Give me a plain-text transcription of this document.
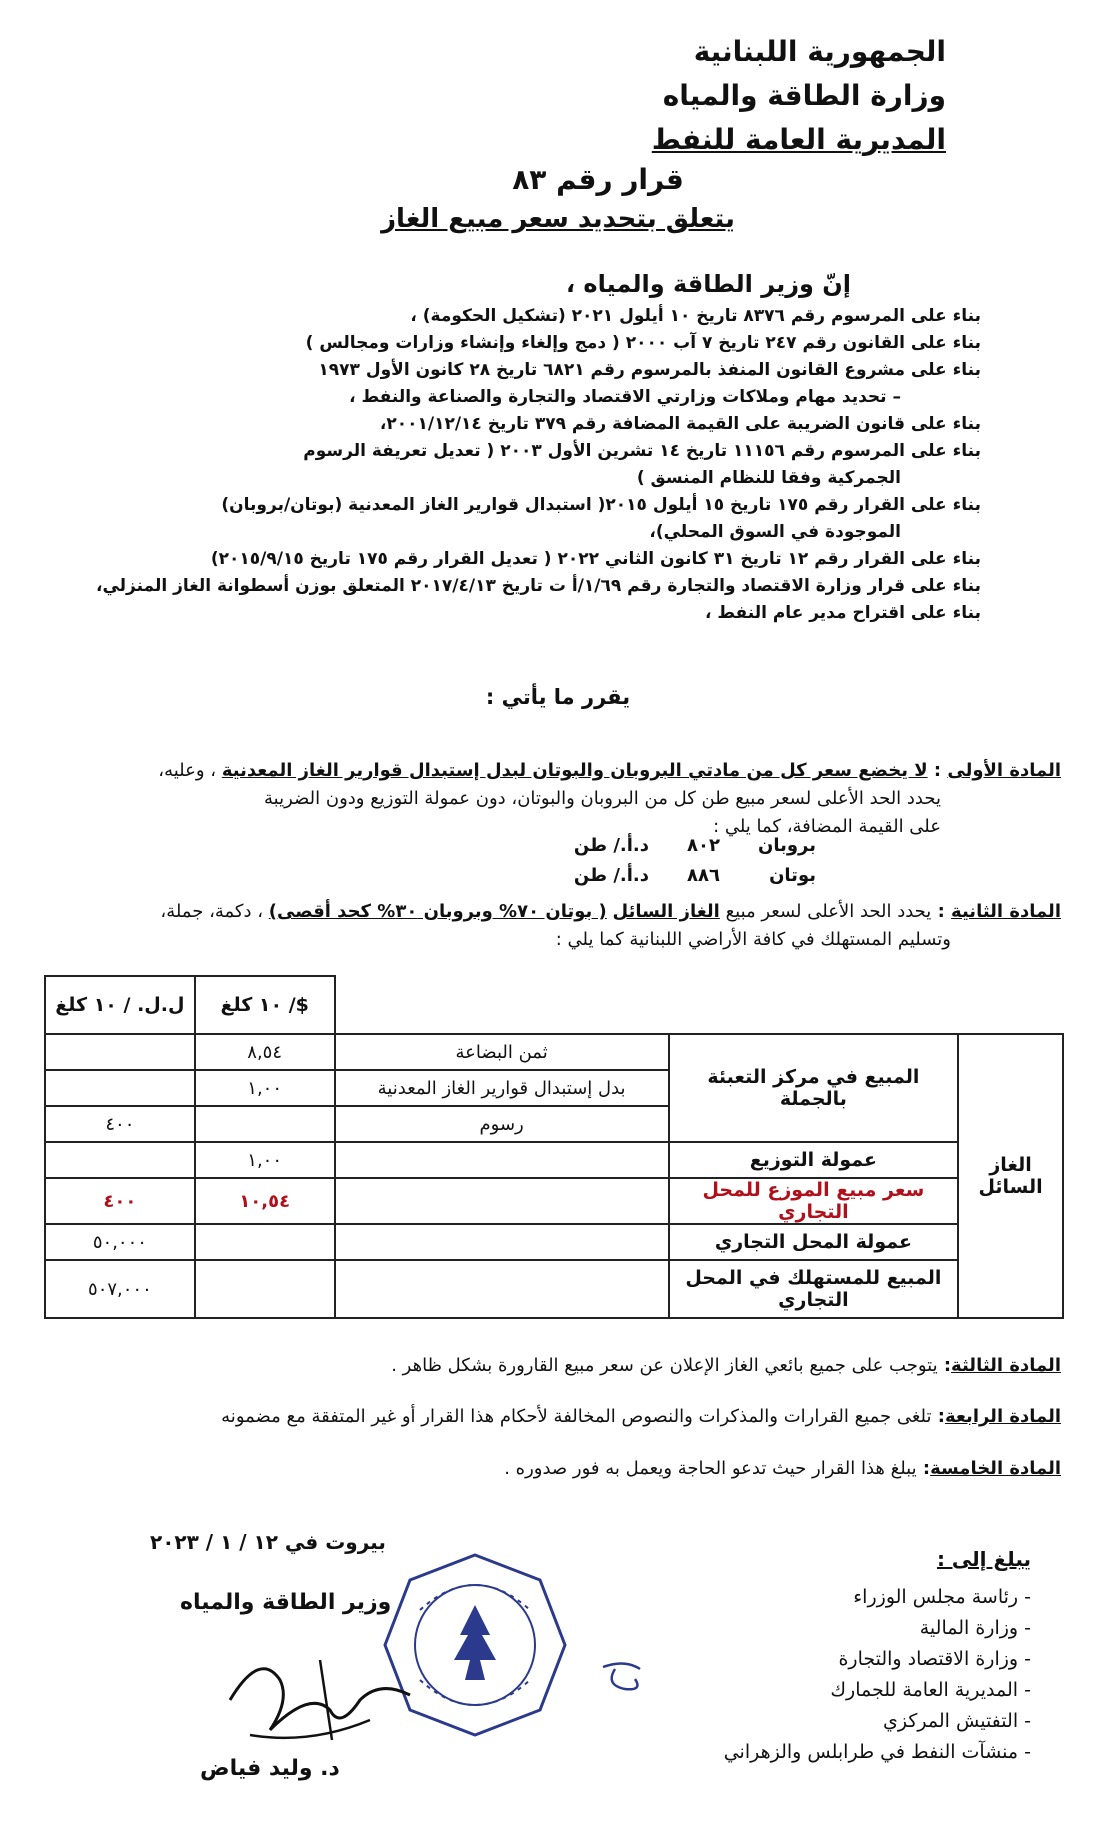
الجمهورية اللبنانية
وزارة الطاقة والمياه
المديرية العامة للنفط
قرار رقم ٨٣
يتعلق بتحديد سعر مبيع الغاز
إنّ وزير الطاقة والمياه ،
بناء على المرسوم رقم ٨٣٧٦ تاريخ ١٠ أيلول ٢٠٢١ (تشكيل الحكومة) ،
بناء على القانون رقم ٢٤٧ تاريخ ٧ آب ٢٠٠٠ ( دمج وإلغاء وإنشاء وزارات ومجالس )
بناء على مشروع القانون المنفذ بالمرسوم رقم ٦٨٢١ تاريخ ٢٨ كانون الأول ١٩٧٣
– تحديد مهام وملاكات وزارتي الاقتصاد والتجارة والصناعة والنفط ،
بناء على قانون الضريبة على القيمة المضافة رقم ٣٧٩ تاريخ ٢٠٠١/١٢/١٤،
بناء على المرسوم رقم ١١١٥٦ تاريخ ١٤ تشرين الأول ٢٠٠٣ ( تعديل تعريفة الرسوم
الجمركية وفقا للنظام المنسق )
بناء على القرار رقم ١٧٥ تاريخ ١٥ أيلول ٢٠١٥( استبدال قوارير الغاز المعدنية (بوتان/بروبان)
الموجودة في السوق المحلي)،
بناء على القرار رقم ١٢ تاريخ ٣١ كانون الثاني ٢٠٢٢ ( تعديل القرار رقم ١٧٥ تاريخ ٢٠١٥/٩/١٥)
بناء على قرار وزارة الاقتصاد والتجارة رقم ١/٦٩/أ ت تاريخ ٢٠١٧/٤/١٣ المتعلق بوزن أسطوانة الغاز المنزلي،
بناء على اقتراح مدير عام النفط ،
يقرر ما يأتي :
المادة الأولى : لا يخضع سعر كل من مادتي البروبان والبوتان لبدل إستبدال قوارير الغاز المعدنية ، وعليه،
يحدد الحد الأعلى لسعر مبيع طن كل من البروبان والبوتان، دون عمولة التوزيع ودون الضريبة
على القيمة المضافة، كما يلي :
بروبان	٨٠٢	د.أ./ طن
بوتان	٨٨٦	د.أ./ طن
المادة الثانية : يحدد الحد الأعلى لسعر مبيع الغاز السائل ( بوتان ٧٠% وبروبان ٣٠% كحد أقصى) ، دكمة، جملة،
وتسليم المستهلك في كافة الأراضي اللبنانية كما يلي :
			$/ ١٠ كلغ	ل.ل. / ١٠ كلغ
الغاز السائل	المبيع في مركز التعبئة بالجملة	ثمن البضاعة	٨,٥٤	
		بدل إستبدال قوارير الغاز المعدنية	١,٠٠	
		رسوم		٤٠٠
	عمولة التوزيع		١,٠٠	
	سعر مبيع الموزع للمحل التجاري		١٠,٥٤	٤٠٠
	عمولة المحل التجاري			٥٠,٠٠٠
	المبيع للمستهلك في المحل التجاري			٥٠٧,٠٠٠
المادة الثالثة: يتوجب على جميع بائعي الغاز الإعلان عن سعر مبيع القارورة بشكل ظاهر .
المادة الرابعة: تلغى جميع القرارات والمذكرات والنصوص المخالفة لأحكام هذا القرار أو غير المتفقة مع مضمونه
المادة الخامسة: يبلغ هذا القرار حيث تدعو الحاجة ويعمل به فور صدوره .
بيروت في ١٢ / ١ / ٢٠٢٣
يبلغ إلى :
- رئاسة مجلس الوزراء
- وزارة المالية
- وزارة الاقتصاد والتجارة
- المديرية العامة للجمارك
- التفتيش المركزي
- منشآت النفط في طرابلس والزهراني
وزير الطاقة والمياه
د. وليد فياض
